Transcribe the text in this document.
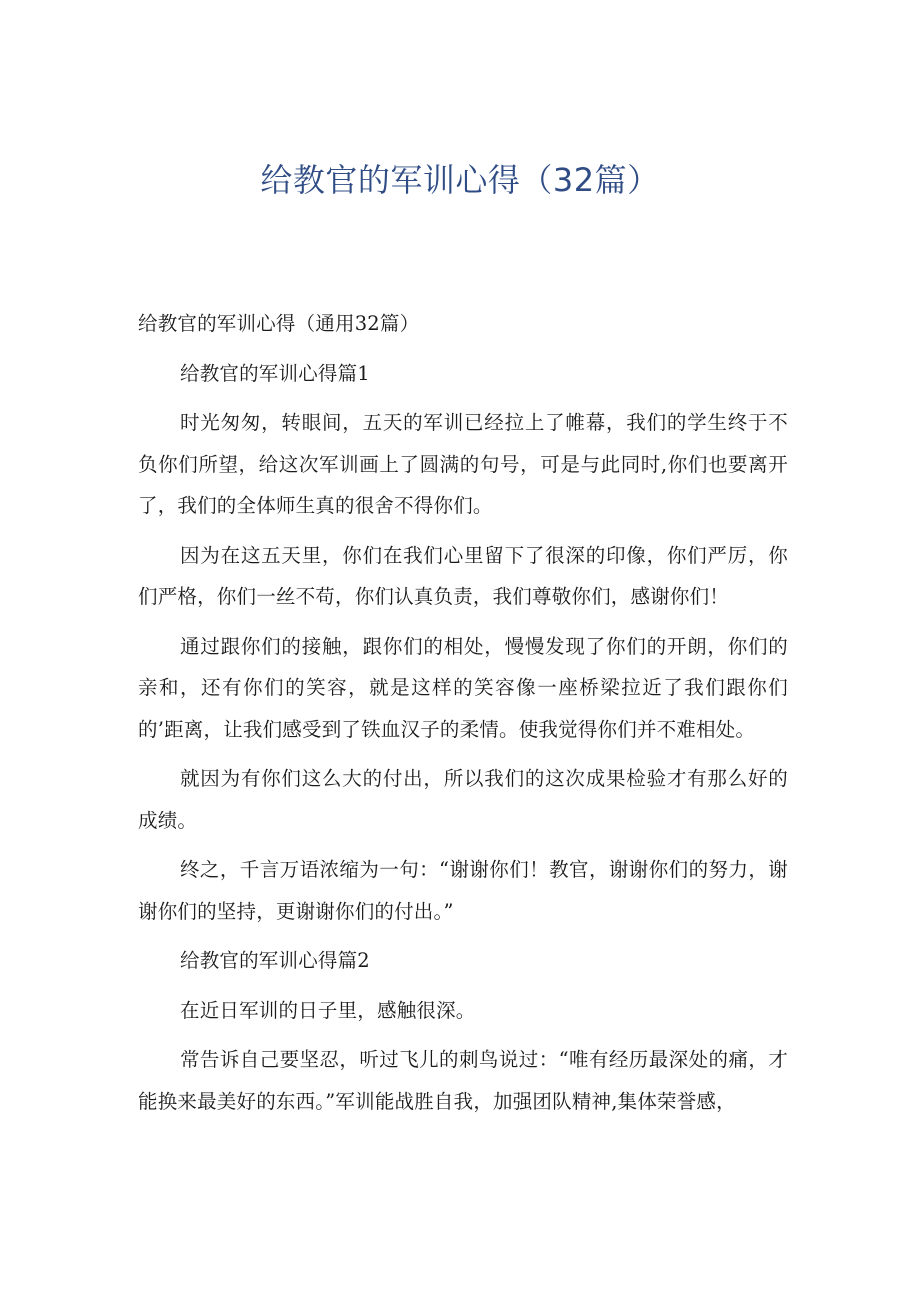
给教官的军训心得（32篇）

给教官的军训心得（通用32篇）

给教官的军训心得篇1

时光匆匆，转眼间，五天的军训已经拉上了帷幕，我们的学生终于不负你们所望，给这次军训画上了圆满的句号，可是与此同时,你们也要离开了，我们的全体师生真的很舍不得你们。

因为在这五天里，你们在我们心里留下了很深的印像，你们严厉，你们严格，你们一丝不苟，你们认真负责，我们尊敬你们，感谢你们！

通过跟你们的接触，跟你们的相处，慢慢发现了你们的开朗，你们的亲和，还有你们的笑容，就是这样的笑容像一座桥梁拉近了我们跟你们的’距离，让我们感受到了铁血汉子的柔情。使我觉得你们并不难相处。

就因为有你们这么大的付出，所以我们的这次成果检验才有那么好的成绩。

终之，千言万语浓缩为一句：“谢谢你们！教官，谢谢你们的努力，谢谢你们的坚持，更谢谢你们的付出。”

给教官的军训心得篇2

在近日军训的日子里，感触很深。

常告诉自己要坚忍，听过飞儿的刺鸟说过：“唯有经历最深处的痛，才能换来最美好的东西。”军训能战胜自我，加强团队精神,集体荣誉感，
